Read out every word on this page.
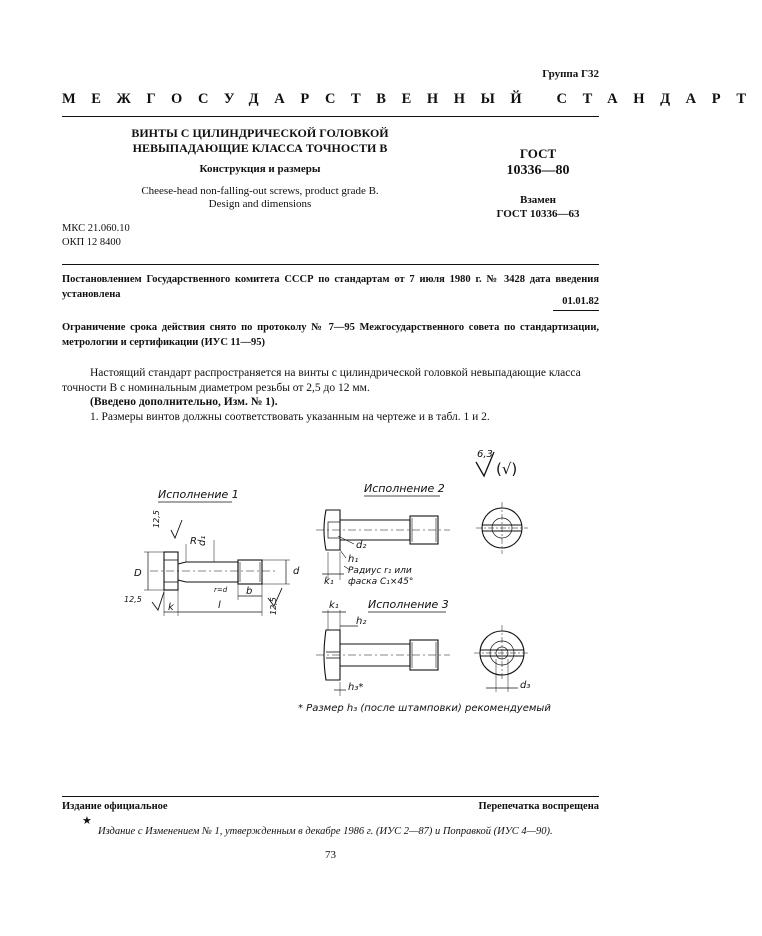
Группа Г32
МЕЖГОСУДАРСТВЕННЫЙ СТАНДАРТ
ВИНТЫ С ЦИЛИНДРИЧЕСКОЙ ГОЛОВКОЙ
НЕВЫПАДАЮЩИЕ КЛАССА ТОЧНОСТИ В
Конструкция и размеры
Cheese-head non-falling-out screws, product grade B.
Design and dimensions
ГОСТ
10336—80
Взамен
ГОСТ 10336—63
МКС 21.060.10
ОКП 12 8400
Постановлением Государственного комитета СССР по стандартам от 7 июля 1980 г. № 3428 дата введения установлена
01.01.82
Ограничение срока действия снято по протоколу № 7—95 Межгосударственного совета по стандартизации, метрологии и сертификации (ИУС 11—95)

Настоящий стандарт распространяется на винты с цилиндрической головкой невыпадающие класса точности В с номинальным диаметром резьбы от 2,5 до 12 мм.

(Введено дополнительно, Изм. № 1).

1. Размеры винтов должны соответствовать указанным на чертеже и в табл. 1 и 2.

6,3
(√)
Исполнение 1
12,5
12,5	12,5
D
R d₁
d
r=d
k	l
b
Исполнение 2
d₂
h₁
k₁
Радиус r₁ или
фаска C₁×45°
Исполнение 3
k₁
h₂
h₃*	d₃
* Размер h₃ (после штамповки) рекомендуемый
Издание официальное	Перепечатка воспрещена
★
Издание с Изменением № 1, утвержденным в декабре 1986 г. (ИУС 2—87) и Поправкой (ИУС 4—90).
73
